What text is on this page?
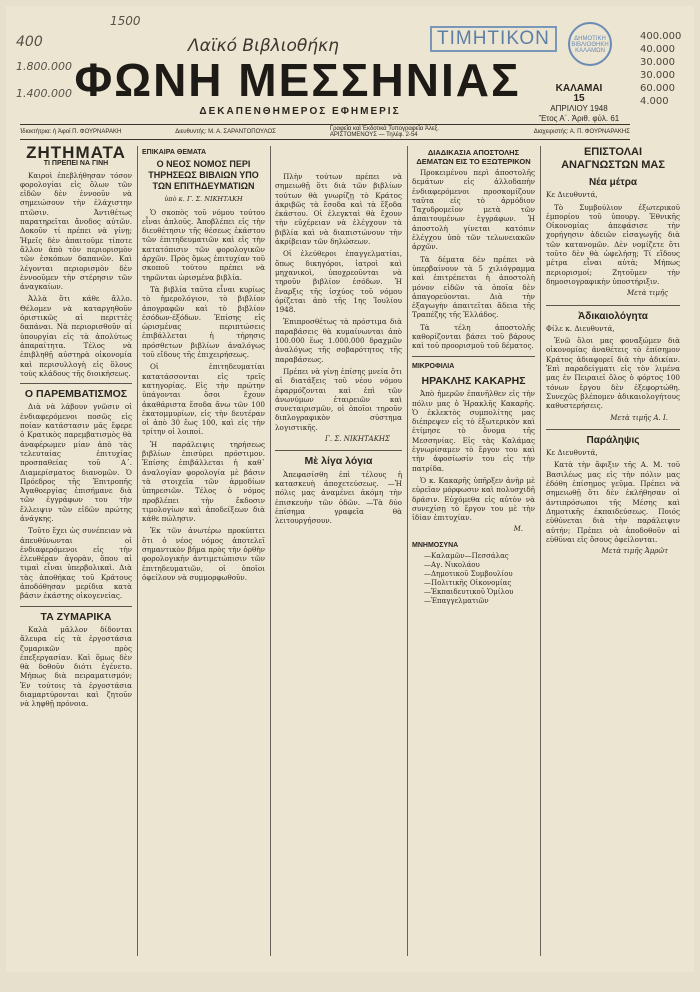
1500
Λαϊκό Βιβλιοθήκη
400
1.800.000
1.400.000
ΤΙΜΗΤΙΚΟΝ	ΔΗΜΟΤΙΚΗ ΒΙΒΛΙΟΘΗΚΗ ΚΑΛΑΜΩΝ
ΦΩΝΗ ΜΕΣΣΗΝΙΑΣ
ΔΕΚΑΠΕΝΘΗΜΕΡΟΣ ΕΦΗΜΕΡΙΣ
ΚΑΛΑΜΑΙ
15
ΑΠΡΙΛΙΟΥ 1948
Ἔτος Α΄. Ἀριθ. φύλ. 61
400.000
40.000
30.000
30.000
60.000
4.000
Ἰδιοκτήτρια: ἡ Ἀφοί Π. ΦΟΥΡΝΑΡΑΚΗ	Διευθυντής: Μ. Α. ΣΑΡΑΝΤΟΠΟΥΛΟΣ	Γραφεῖα καὶ Ἐκδοτικά Τυπογραφεῖα Ἀλεξ. ΑΡΙΣΤΟΜΕΝΟΥΣ — Τηλέφ. 2-54	Διαχειριστής: Α. Π. ΦΟΥΡΝΑΡΑΚΗΣ
ΖΗΤΗΜΑΤΑ
ΤΙ ΠΡΕΠΕΙ ΝΑ ΓΙΝΗ

Καιροὶ ἐπεβλήθησαν τόσον φορολογίαι εἰς ὅλων τῶν εἰδῶν δὲν ἐννοοῦν νὰ σημειώσουν τὴν ἐλάχιστην πτῶσιν. Ἀντιθέτως παρατηρεῖται ἄνοδος αὐτῶν. Δοκοῦν τί πρέπει νὰ γίνῃ; Ἡμεῖς δὲν ἀπαιτοῦμε τίποτε ἄλλον ἀπὸ τὸν περιορισμὸν τῶν ἐσκόπων δαπανῶν. Καὶ λέγονται περιορισμὸν δὲν ἐννοοῦμεν τὴν στέρησιν τῶν ἀναγκαίων.

Ἀλλὰ ὅτι κάθε ἄλλο. Θέλομεν νὰ καταργηθοῦν ὁριστικῶς αἱ περιττὲς δαπάναι. Νὰ περιορισθοῦν αἱ ὑπουργίαι εἰς τὰ ἀπολύτως ἀπαραίτητα. Τέλος νὰ ἐπιβληθῇ αὐστηρὰ οἰκονομία καὶ περισυλλογὴ εἰς ὅλους τοὺς κλάδους τῆς διοικήσεως.

Ο ΠΑΡΕΜΒΑΤΙΣΜΟΣ

Διὰ νὰ λάβουν γνῶσιν οἱ ἐνδιαφερόμενοι ποσῶς εἰς ποίαν κατάστασιν μᾶς ἔφερε ὁ Κρατικὸς παρεμβατισμὸς θὰ ἀναφέρωμεν μίαν ἀπὸ τὰς τελευταίας ἐπιτυχίας προσπαθείας τοῦ Α΄. Διαμερίσματος διανομῶν. Ὁ Πρόεδρος τῆς Ἐπιτροπῆς Ἀγαθοεργίας ἐπισήμανε διὰ τῶν ἐγγράφων του τὴν ἔλλειψιν τῶν εἰδῶν πρώτης ἀνάγκης.

Τοῦτο ἔχει ὡς συνέπειαν νὰ ἀπευθύνωνται οἱ ἐνδιαφερόμενοι εἰς τὴν ἐλευθέραν ἀγορὰν, ὅπου αἱ τιμαὶ εἶναι ὑπερβολικαὶ. Διὰ τὰς ἀποθήκας τοῦ Κράτους ἀποδόθησαν μερίδια κατὰ βάσιν ἑκάστης οἰκογενείας.

ΤΑ ΖΥΜΑΡΙΚΑ

Καλὰ μᾶλλον δίδονται ἄλευρα εἰς τὰ ἐργοστάσια ζυμαρικῶν πρὸς ἐπεξεργασίαν. Καὶ ὅμως δὲν θὰ δοθοῦν διότι ἐγένετο. Μήπως διὰ πειραματισμόν; Ἐν τούτοις τὰ ἐργοστάσια διαμαρτύρονται καὶ ζητοῦν νὰ ληφθῇ πρόνοια.

ΕΠΙΚΑΙΡΑ ΘΕΜΑΤΑ
Ο ΝΕΟΣ ΝΟΜΟΣ ΠΕΡΙ ΤΗΡΗΣΕΩΣ ΒΙΒΛΙΩΝ ΥΠΟ ΤΩΝ ΕΠΙΤΗΔΕΥΜΑΤΙΩΝ
ὑπὸ κ. Γ. Σ. ΝΙΚΗΤΑΚΗ

Ὁ σκοπὸς τοῦ νόμου τούτου εἶναι ἁπλοῦς. Ἀποβλέπει εἰς τὴν διευθέτησιν τῆς θέσεως ἑκάστου τῶν ἐπιτηδευματιῶν καὶ εἰς τὴν κατατόπισιν τῶν φορολογικῶν ἀρχῶν. Πρὸς ὅμως ἐπιτυχίαν τοῦ σκοποῦ τούτου πρέπει νὰ τηρῶνται ὡρισμένα βιβλία.

Τὰ βιβλία ταῦτα εἶναι κυρίως τὸ ἡμερολόγιον, τὸ βιβλίον ἀπογραφῶν καὶ τὸ βιβλίον ἐσόδων-ἐξόδων. Ἐπίσης εἰς ὡρισμένας περιπτώσεις ἐπιβάλλεται ἡ τήρησις πρόσθετων βιβλίων ἀναλόγως τοῦ εἴδους τῆς ἐπιχειρήσεως.

Οἱ ἐπιτηδευματίαι κατατάσσονται εἰς τρεῖς κατηγορίας. Εἰς τὴν πρώτην ὑπάγονται ὅσοι ἔχουν ἀκαθάριστα ἔσοδα ἄνω τῶν 100 ἑκατομμυρίων, εἰς τὴν δευτέραν οἱ ἀπὸ 30 ἕως 100, καὶ εἰς τὴν τρίτην οἱ λοιποί.

Ἡ παράλειψις τηρήσεως βιβλίων ἐπισύρει πρόστιμον. Ἐπίσης ἐπιβάλλεται ἡ καθ᾿ ἀναλογίαν φορολογία μὲ βάσιν τὰ στοιχεῖα τῶν ἀρμοδίων ὑπηρεσιῶν. Τέλος ὁ νόμος προβλέπει τὴν ἔκδοσιν τιμολογίων καὶ ἀποδείξεων διὰ κάθε πώλησιν.

Ἐκ τῶν ἀνωτέρω προκύπτει ὅτι ὁ νέος νόμος ἀποτελεῖ σημαντικὸν βῆμα πρὸς τὴν ὀρθὴν φορολογικὴν ἀντιμετώπισιν τῶν ἐπιτηδευματιῶν, οἱ ὁποῖοι ὀφείλουν νὰ συμμορφωθοῦν.

Πλὴν τούτων πρέπει νὰ σημειωθῇ ὅτι διὰ τῶν βιβλίων τούτων θὰ γνωρίζῃ τὸ Κράτος ἀκριβῶς τὰ ἔσοδα καὶ τὰ ἔξοδα ἑκάστου. Οἱ ἐλεγκταὶ θὰ ἔχουν τὴν εὐχέρειαν νὰ ἐλέγχουν τὰ βιβλία καὶ νὰ διαπιστώνουν τὴν ἀκρίβειαν τῶν δηλώσεων.

Οἱ ἐλεύθεροι ἐπαγγελματίαι, ὅπως δικηγόροι, ἰατροὶ καὶ μηχανικοὶ, ὑποχρεοῦνται νὰ τηροῦν βιβλίον ἐσόδων. Ἡ ἔναρξις τῆς ἰσχύος τοῦ νόμου ὁρίζεται ἀπὸ τῆς 1ης Ἰουλίου 1948.

Ἐπιπροσθέτως τὰ πρόστιμα διὰ παραβάσεις θὰ κυμαίνωνται ἀπὸ 100.000 ἕως 1.000.000 δραχμῶν ἀναλόγως τῆς σοβαρότητος τῆς παραβάσεως.

Πρέπει νὰ γίνῃ ἐπίσης μνεία ὅτι αἱ διατάξεις τοῦ νέου νόμου ἐφαρμόζονται καὶ ἐπὶ τῶν ἀνωνύμων ἑταιρειῶν καὶ συνεταιρισμῶν, οἱ ὁποῖοι τηροῦν διπλογραφικὸν σύστημα λογιστικῆς.

Γ. Σ. ΝΙΚΗΤΑΚΗΣ
Μὲ λίγα λόγια

Ἀπεφασίσθη ἐπὶ τέλους ἡ κατασκευὴ ἀποχετεύσεως. —Ἡ πόλις μας ἀναμένει ἀκόμη τὴν ἐπισκευὴν τῶν ὁδῶν. —Τὰ δύο ἐπίσημα γραφεῖα θὰ λειτουργήσουν.

ΔΙΑΔΙΚΑΣΙΑ ΑΠΟΣΤΟΛΗΣ ΔΕΜΑΤΩΝ ΕΙΣ ΤΟ ΕΞΩΤΕΡΙΚΟΝ

Προκειμένου περὶ ἀποστολῆς δεμάτων εἰς ἀλλοδαπὴν ἐνδιαφερόμενοι προσκομίζουν ταῦτα εἰς τὸ ἀρμόδιον Ταχυδρομεῖον μετὰ τῶν ἀπαιτουμένων ἐγγράφων. Ἡ ἀποστολὴ γίνεται κατόπιν ἐλέγχου ὑπὸ τῶν τελωνειακῶν ἀρχῶν.

Τὰ δέματα δὲν πρέπει νὰ ὑπερβαίνουν τὰ 5 χιλιόγραμμα καὶ ἐπιτρέπεται ἡ ἀποστολὴ μόνον εἰδῶν τὰ ὁποῖα δὲν ἀπαγορεύονται. Διὰ τὴν ἐξαγωγὴν ἀπαιτεῖται ἄδεια τῆς Τραπέζης τῆς Ἑλλάδος.

Τὰ τέλη ἀποστολῆς καθορίζονται βάσει τοῦ βάρους καὶ τοῦ προορισμοῦ τοῦ δέματος.

ΜΙΚΡΟΦΙΛΙΑ
ΗΡΑΚΛΗΣ ΚΑΚΑΡΗΣ

Ἀπὸ ἡμερῶν ἐπανῆλθεν εἰς τὴν πόλιν μας ὁ Ἡρακλῆς Κακαρῆς. Ὁ ἐκλεκτὸς συμπολίτης μας διέπρεψεν εἰς τὸ ἐξωτερικὸν καὶ ἐτίμησε τὸ ὄνομα τῆς Μεσσηνίας. Εἰς τὰς Καλάμας ἐγνωρίσαμεν τὸ ἔργον του καὶ τὴν ἀφοσίωσίν του εἰς τὴν πατρίδα.

Ὁ κ. Κακαρῆς ὑπῆρξεν ἀνὴρ μὲ εὐρεῖαν μόρφωσιν καὶ πολυσχιδῆ δράσιν. Εὐχόμεθα εἰς αὐτὸν νὰ συνεχίσῃ τὸ ἔργον του μὲ τὴν ἰδίαν ἐπιτυχίαν.

Μ.
ΜΝΗΜΟΣΥΝΑ
—Καλαμῶν—Πεσσάλας
—Αγ. Νικολάου
—Δημοτικοῦ Συμβουλίου
—Πολιτικῆς Οἰκονομίας
—Ἐκπαιδευτικοῦ Ὁμίλου
—Ἐπαγγελματιῶν
ΕΠΙΣΤΟΛΑΙ ΑΝΑΓΝΩΣΤΩΝ ΜΑΣ
Νέα μέτρα

Κε Διευθυντά,

Τὸ Συμβούλιον ἐξωτερικοῦ ἐμπορίου τοῦ ὑπουργ. Ἐθνικῆς Οἰκονομίας ἀπεφάσισε τὴν χορήγησιν ἀδειῶν εἰσαγωγῆς διὰ τῶν κατανομῶν. Δὲν νομίζετε ὅτι τοῦτο δὲν θὰ ὠφελήσῃ; Τί εἴδους μέτρα εἶναι αὐτὰ; Μήπως περιορισμοί; Ζητοῦμεν τὴν δημοσιογραφικὴν ὑποστήριξιν.

Μετὰ τιμῆς
Ἀδικαιολόγητα

Φίλε κ. Διευθυντά,

Ἐνῶ ὅλοι μας φοναξώμεν διὰ οἰκονομίας ἀναθέτεις τὸ ἐπίσημον Κράτος ἀδιαφορεῖ διὰ τὴν ἀδικίαν. Ἐπὶ παραδείγματι εἰς τὸν λιμένα μας ἐν Πειραιεῖ ὅλος ὁ φόρτος 100 τόνων ἔργου δὲν ἐξεφορτώθη. Συνεχῶς βλέπομεν ἀδικαιολογήτους καθυστερήσεις.

Μετὰ τιμῆς Α. Ι.
Παράληψις

Κε Διευθυντά,

Κατὰ τὴν ἄφιξιν τῆς Α. Μ. τοῦ Βασιλέως μας εἰς τὴν πόλιν μας ἐδόθη ἐπίσημος γεῦμα. Πρέπει νὰ σημειωθῇ ὅτι δὲν ἐκλήθησαν οἱ ἀντιπρόσωποι τῆς Μέσης καὶ Δημοτικῆς ἐκπαιδεύσεως. Ποιός εὐθύνεται διὰ τὴν παράλειψιν αὐτήν; Πρέπει νὰ ἀποδοθοῦν αἱ εὐθῦναι εἰς ὅσους ὀφείλονται.

Μετὰ τιμῆς Ἀμρῶτ
